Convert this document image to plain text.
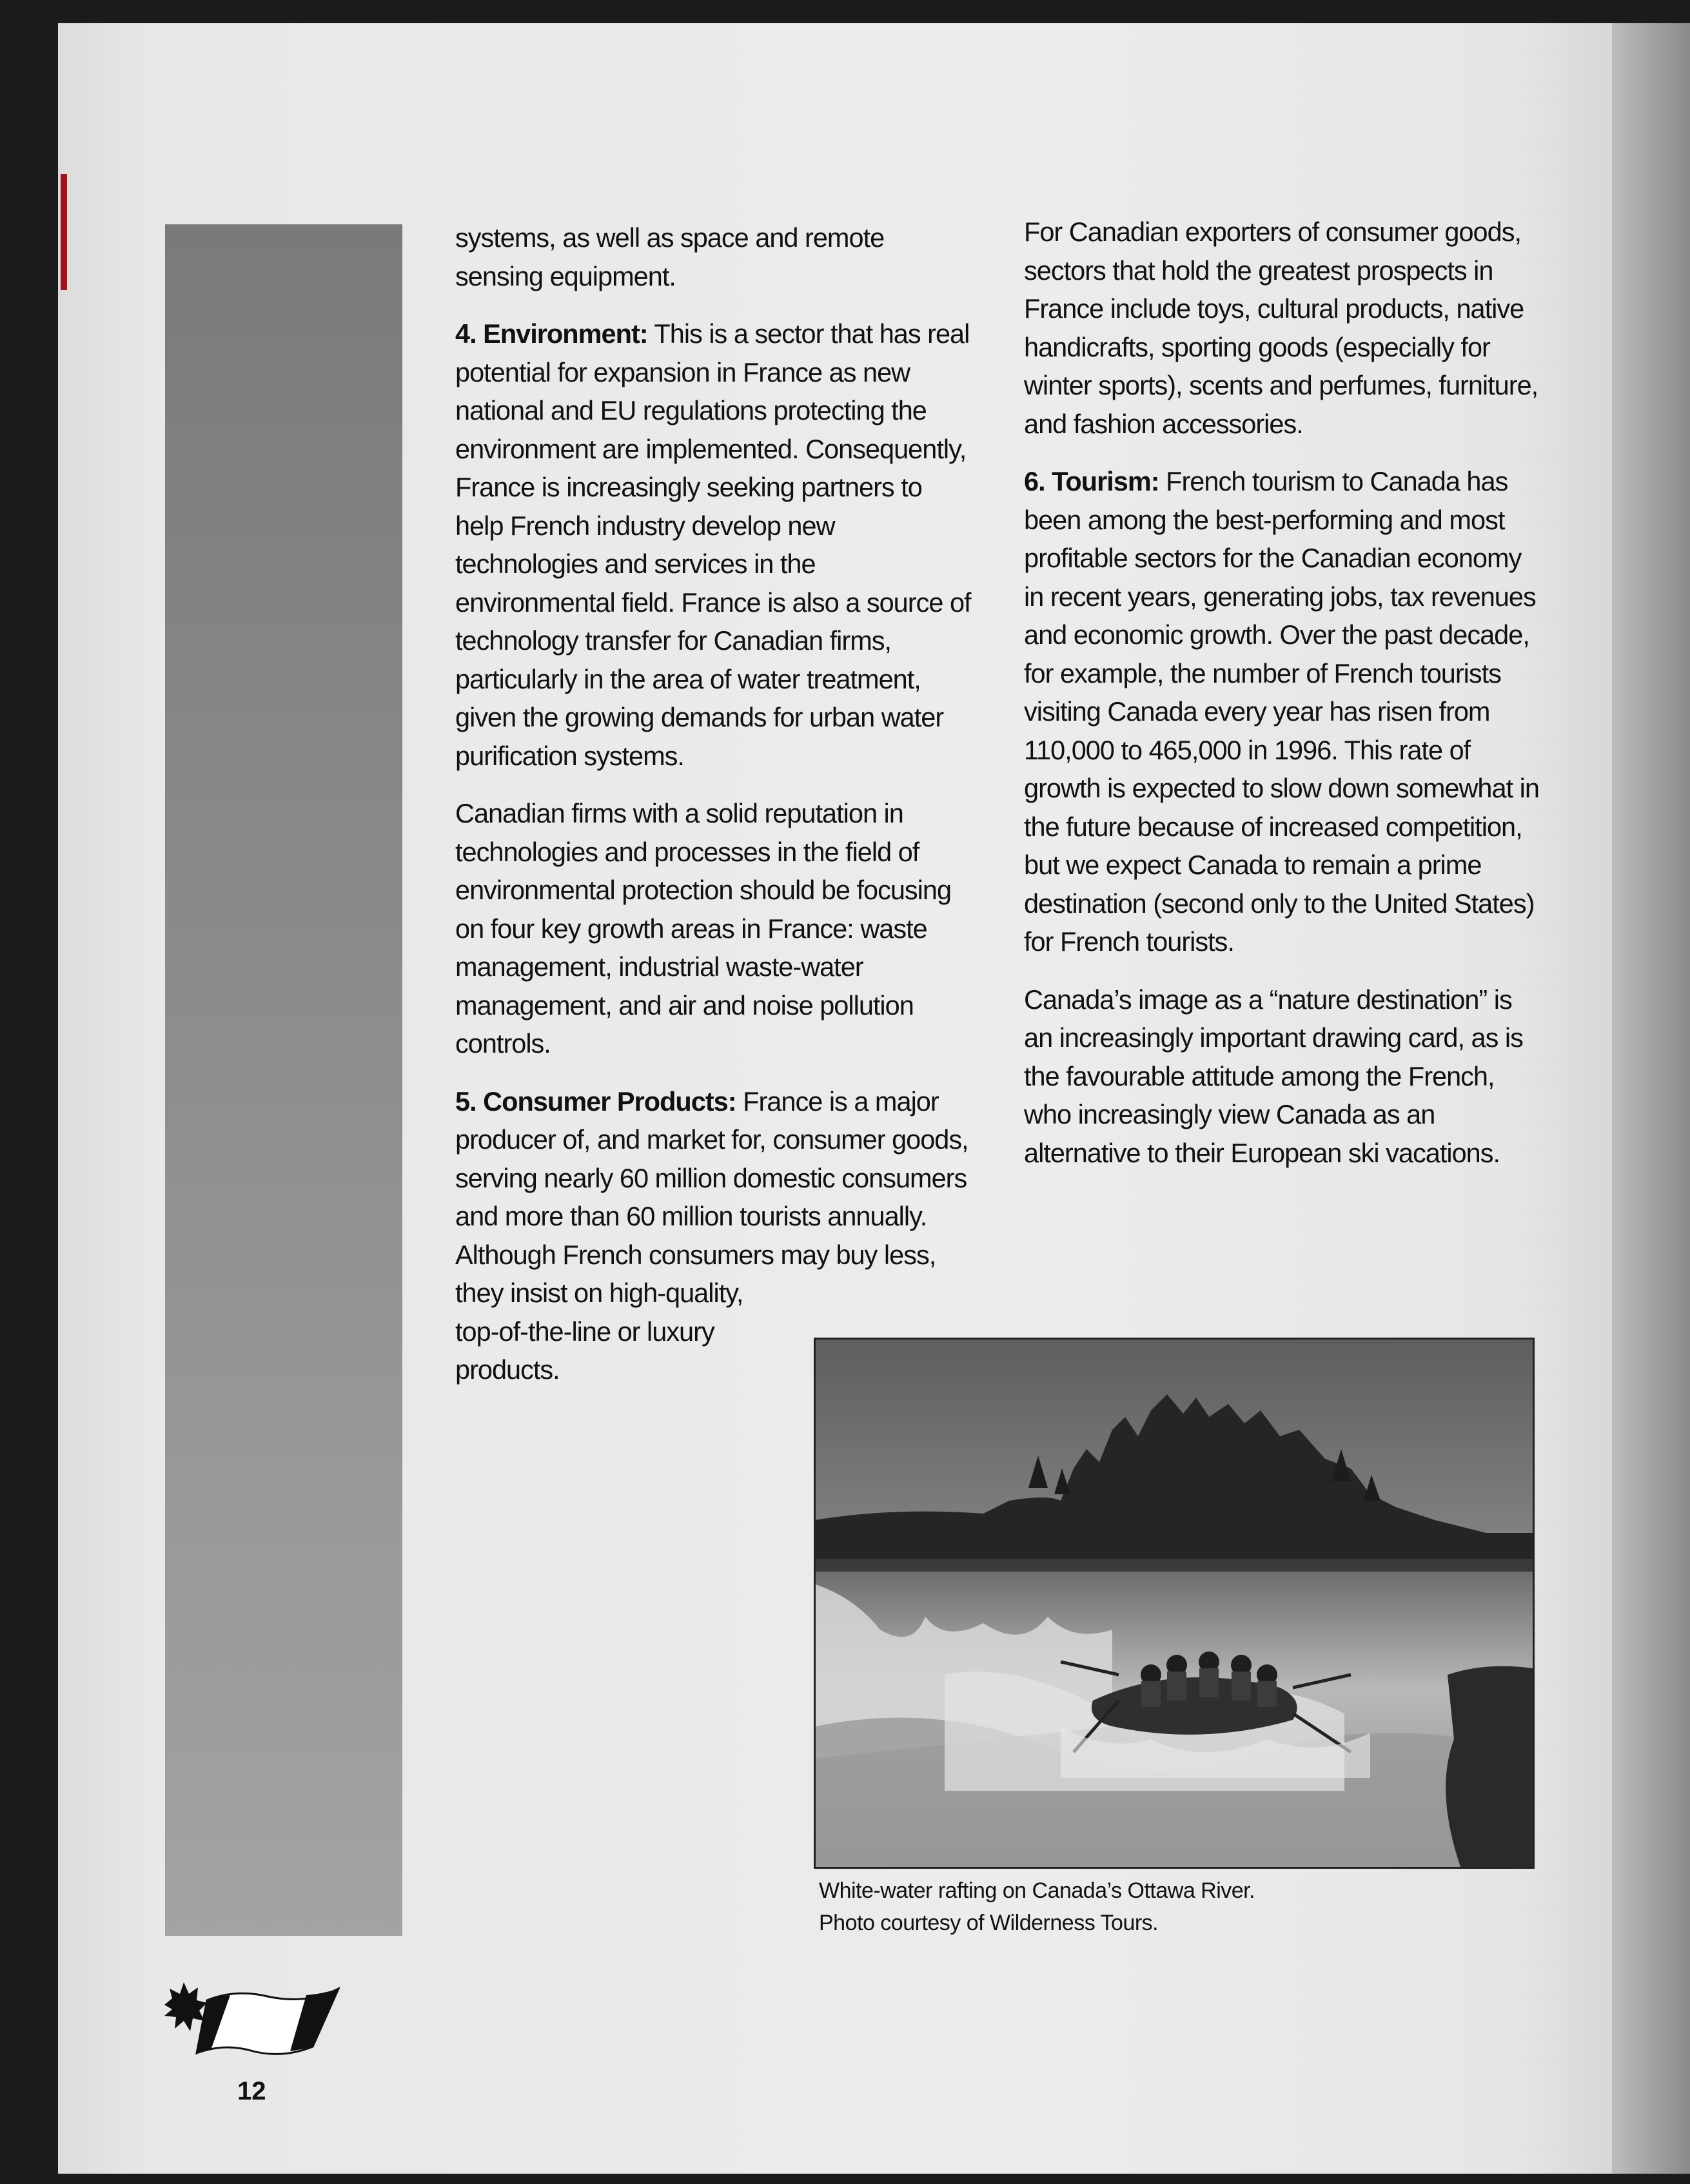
systems, as well as space and remote sensing equipment.

4. Environment: This is a sector that has real potential for expansion in France as new national and EU regulations protecting the environment are implemented. Consequently, France is increasingly seeking partners to help French industry develop new technologies and services in the environmental field. France is also a source of technology transfer for Canadian firms, particularly in the area of water treatment, given the growing demands for urban water purification systems.

Canadian firms with a solid reputation in technologies and processes in the field of environmental protection should be focusing on four key growth areas in France: waste management, industrial waste-water management, and air and noise pollution controls.

5. Consumer Products: France is a major producer of, and market for, consumer goods, serving nearly 60 million domestic consumers and more than 60 million tourists annually. Although French consumers may buy less,

they insist on high-quality, top-of-the-line or luxury products.

For Canadian exporters of consumer goods, sectors that hold the greatest prospects in France include toys, cultural products, native handicrafts, sporting goods (especially for winter sports), scents and perfumes, furniture, and fashion accessories.

6. Tourism: French tourism to Canada has been among the best-performing and most profitable sectors for the Canadian economy in recent years, generating jobs, tax revenues and economic growth. Over the past decade, for example, the number of French tourists visiting Canada every year has risen from 110,000 to 465,000 in 1996. This rate of growth is expected to slow down somewhat in the future because of increased competition, but we expect Canada to remain a prime destination (second only to the United States) for French tourists.

Canada’s image as a “nature destination” is an increasingly important drawing card, as is the favourable attitude among the French, who increasingly view Canada as an alternative to their European ski vacations.

White-water rafting on Canada’s Ottawa River.
Photo courtesy of Wilderness Tours.
12
